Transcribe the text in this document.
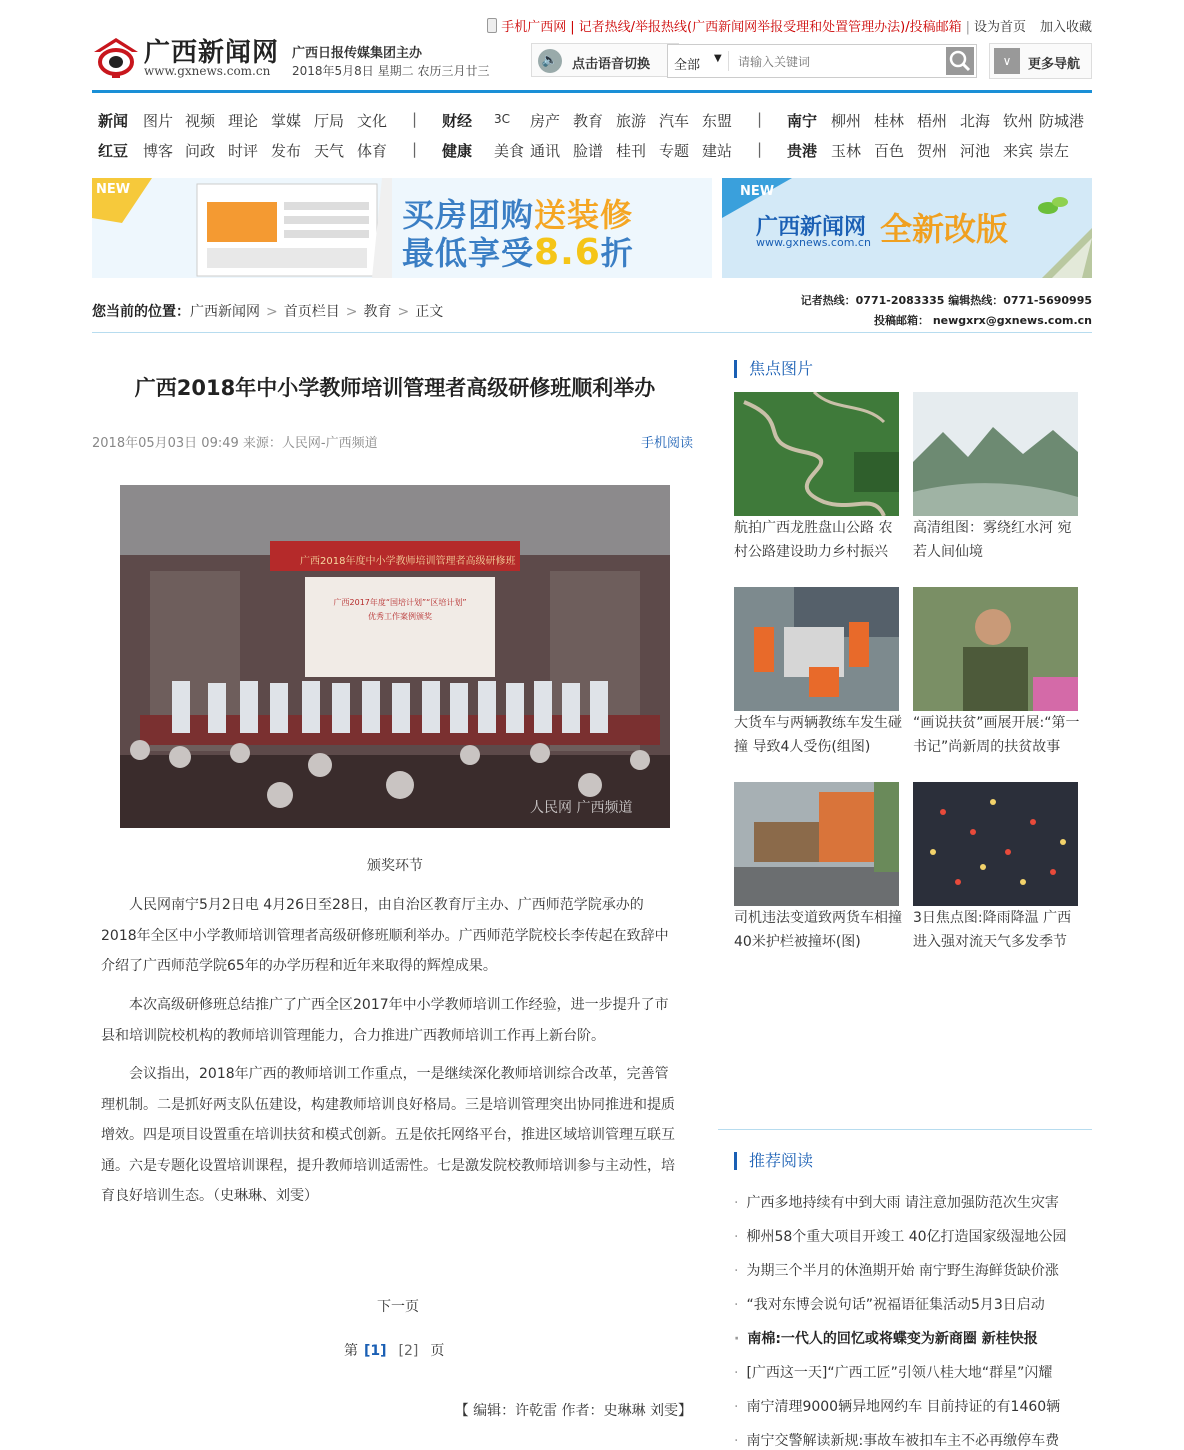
手机广西网 | 记者热线/举报热线(广西新闻网举报受理和处置管理办法)/投稿邮箱 | 设为首页 加入收藏
广西新闻网
www.gxnews.com.cn
广西日报传媒集团主办
2018年5月8日 星期二 农历三月廿三
🔈	点击语音切换 全部 ▼
请输入关键词	∨	更多导航
新闻 图片 视频 理论 掌媒 厅局 文化 | 财经 3C 房产 教育 旅游 汽车 东盟 | 南宁 柳州 桂林 梧州 北海 钦州 防城港
红豆 博客 问政 时评 发布 天气 体育 | 健康 美食 通讯 脸谱 桂刊 专题 建站 | 贵港 玉林 百色 贺州 河池 来宾 崇左
NEW
买房团购送装修
最低享受8.6折
NEW
广西新闻网
www.gxnews.com.cn 全新改版
您当前的位置：广西新闻网 > 首页栏目 > 教育 > 正文
记者热线：0771-2083335 编辑热线：0771-5690995
投稿邮箱： newgxrx@gxnews.com.cn
广西2018年中小学教师培训管理者高级研修班顺利举办
2018年05月03日 09:49 来源：人民网-广西频道	手机阅读
广西2018年度中小学教师培训管理者高级研修班
广西2017年度“国培计划”“区培计划”
优秀工作案例颁奖
人民网 广西频道
颁奖环节

人民网南宁5月2日电 4月26日至28日，由自治区教育厅主办、广西师范学院承办的2018年全区中小学教师培训管理者高级研修班顺利举办。广西师范学院校长李传起在致辞中介绍了广西师范学院65年的办学历程和近年来取得的辉煌成果。

本次高级研修班总结推广了广西全区2017年中小学教师培训工作经验，进一步提升了市县和培训院校机构的教师培训管理能力，合力推进广西教师培训工作再上新台阶。

会议指出，2018年广西的教师培训工作重点，一是继续深化教师培训综合改革，完善管理机制。二是抓好两支队伍建设，构建教师培训良好格局。三是培训管理突出协同推进和提质增效。四是项目设置重在培训扶贫和模式创新。五是依托网络平台，推进区域培训管理互联互通。六是专题化设置培训课程，提升教师培训适需性。七是激发院校教师培训参与主动性，培育良好培训生态。（史琳琳、刘雯）

下一页
第 [1] [2] 页
【 编辑：许乾雷 作者：史琳琳 刘雯】
焦点图片
航拍广西龙胜盘山公路 农村公路建设助力乡村振兴
高清组图：雾绕红水河 宛若人间仙境
大货车与两辆教练车发生碰撞 导致4人受伤(组图)
“画说扶贫”画展开展:“第一书记”尚新周的扶贫故事
司机违法变道致两货车相撞 40米护栏被撞坏(图)
3日焦点图:降雨降温 广西进入强对流天气多发季节
推荐阅读
· 广西多地持续有中到大雨 请注意加强防范次生灾害
· 柳州58个重大项目开竣工 40亿打造国家级湿地公园
· 为期三个半月的休渔期开始 南宁野生海鲜货缺价涨
· “我对东博会说句话”祝福语征集活动5月3日启动
· 南棉:一代人的回忆或将蝶变为新商圈 新桂快报
· [广西这一天]“广西工匠”引领八桂大地“群星”闪耀
· 南宁清理9000辆异地网约车 目前持证的有1460辆
· 南宁交警解读新规:事故车被扣车主不必再缴停车费
